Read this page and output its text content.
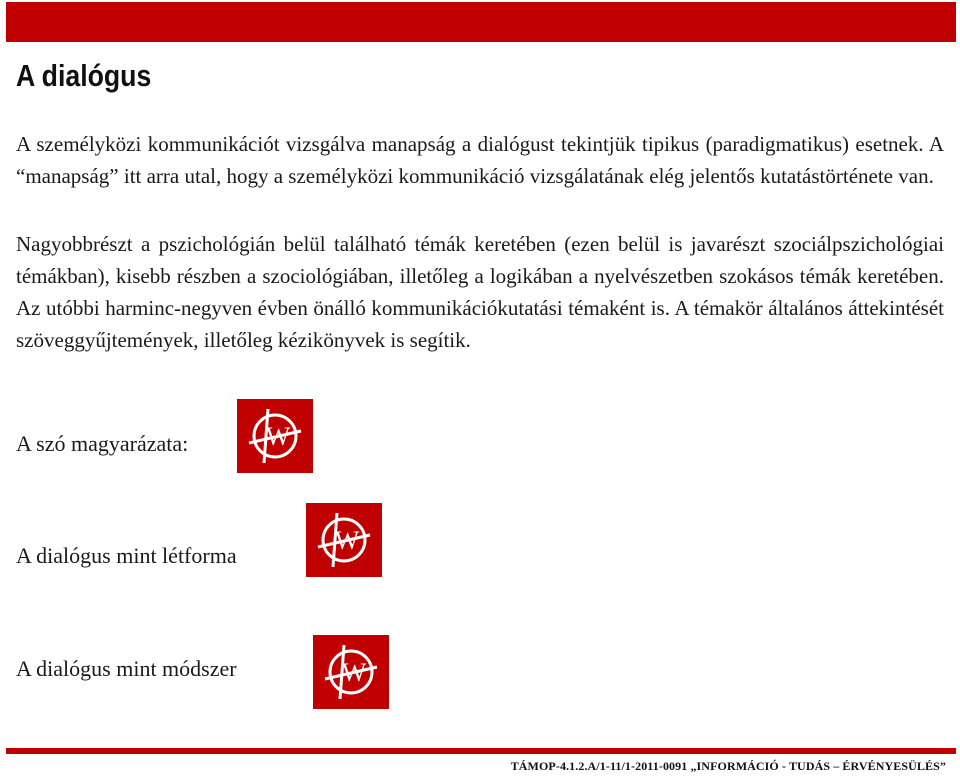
A dialógus
A személyközi kommunikációt vizsgálva manapság a dialógust tekintjük tipikus (paradigmatikus) esetnek. A “manapság” itt arra utal, hogy a személyközi kommunikáció vizsgálatának elég jelentős kutatástörténete van.
Nagyobbrészt a pszichológián belül található témák keretében (ezen belül is javarészt szociálpszichológiai témákban), kisebb részben a szociológiában, illetőleg a logikában a nyelvészetben szokásos témák keretében. Az utóbbi harminc-negyven évben önálló kommunikációkutatási témaként is. A témakör általános áttekintését szöveggyűjtemények, illetőleg kézikönyvek is segítik.
A szó magyarázata:	W
A dialógus mint létforma
W
A dialógus mint módszer	W
TÁMOP-4.1.2.A/1-11/1-2011-0091 „INFORMÁCIÓ - TUDÁS – ÉRVÉNYESÜLÉS”
